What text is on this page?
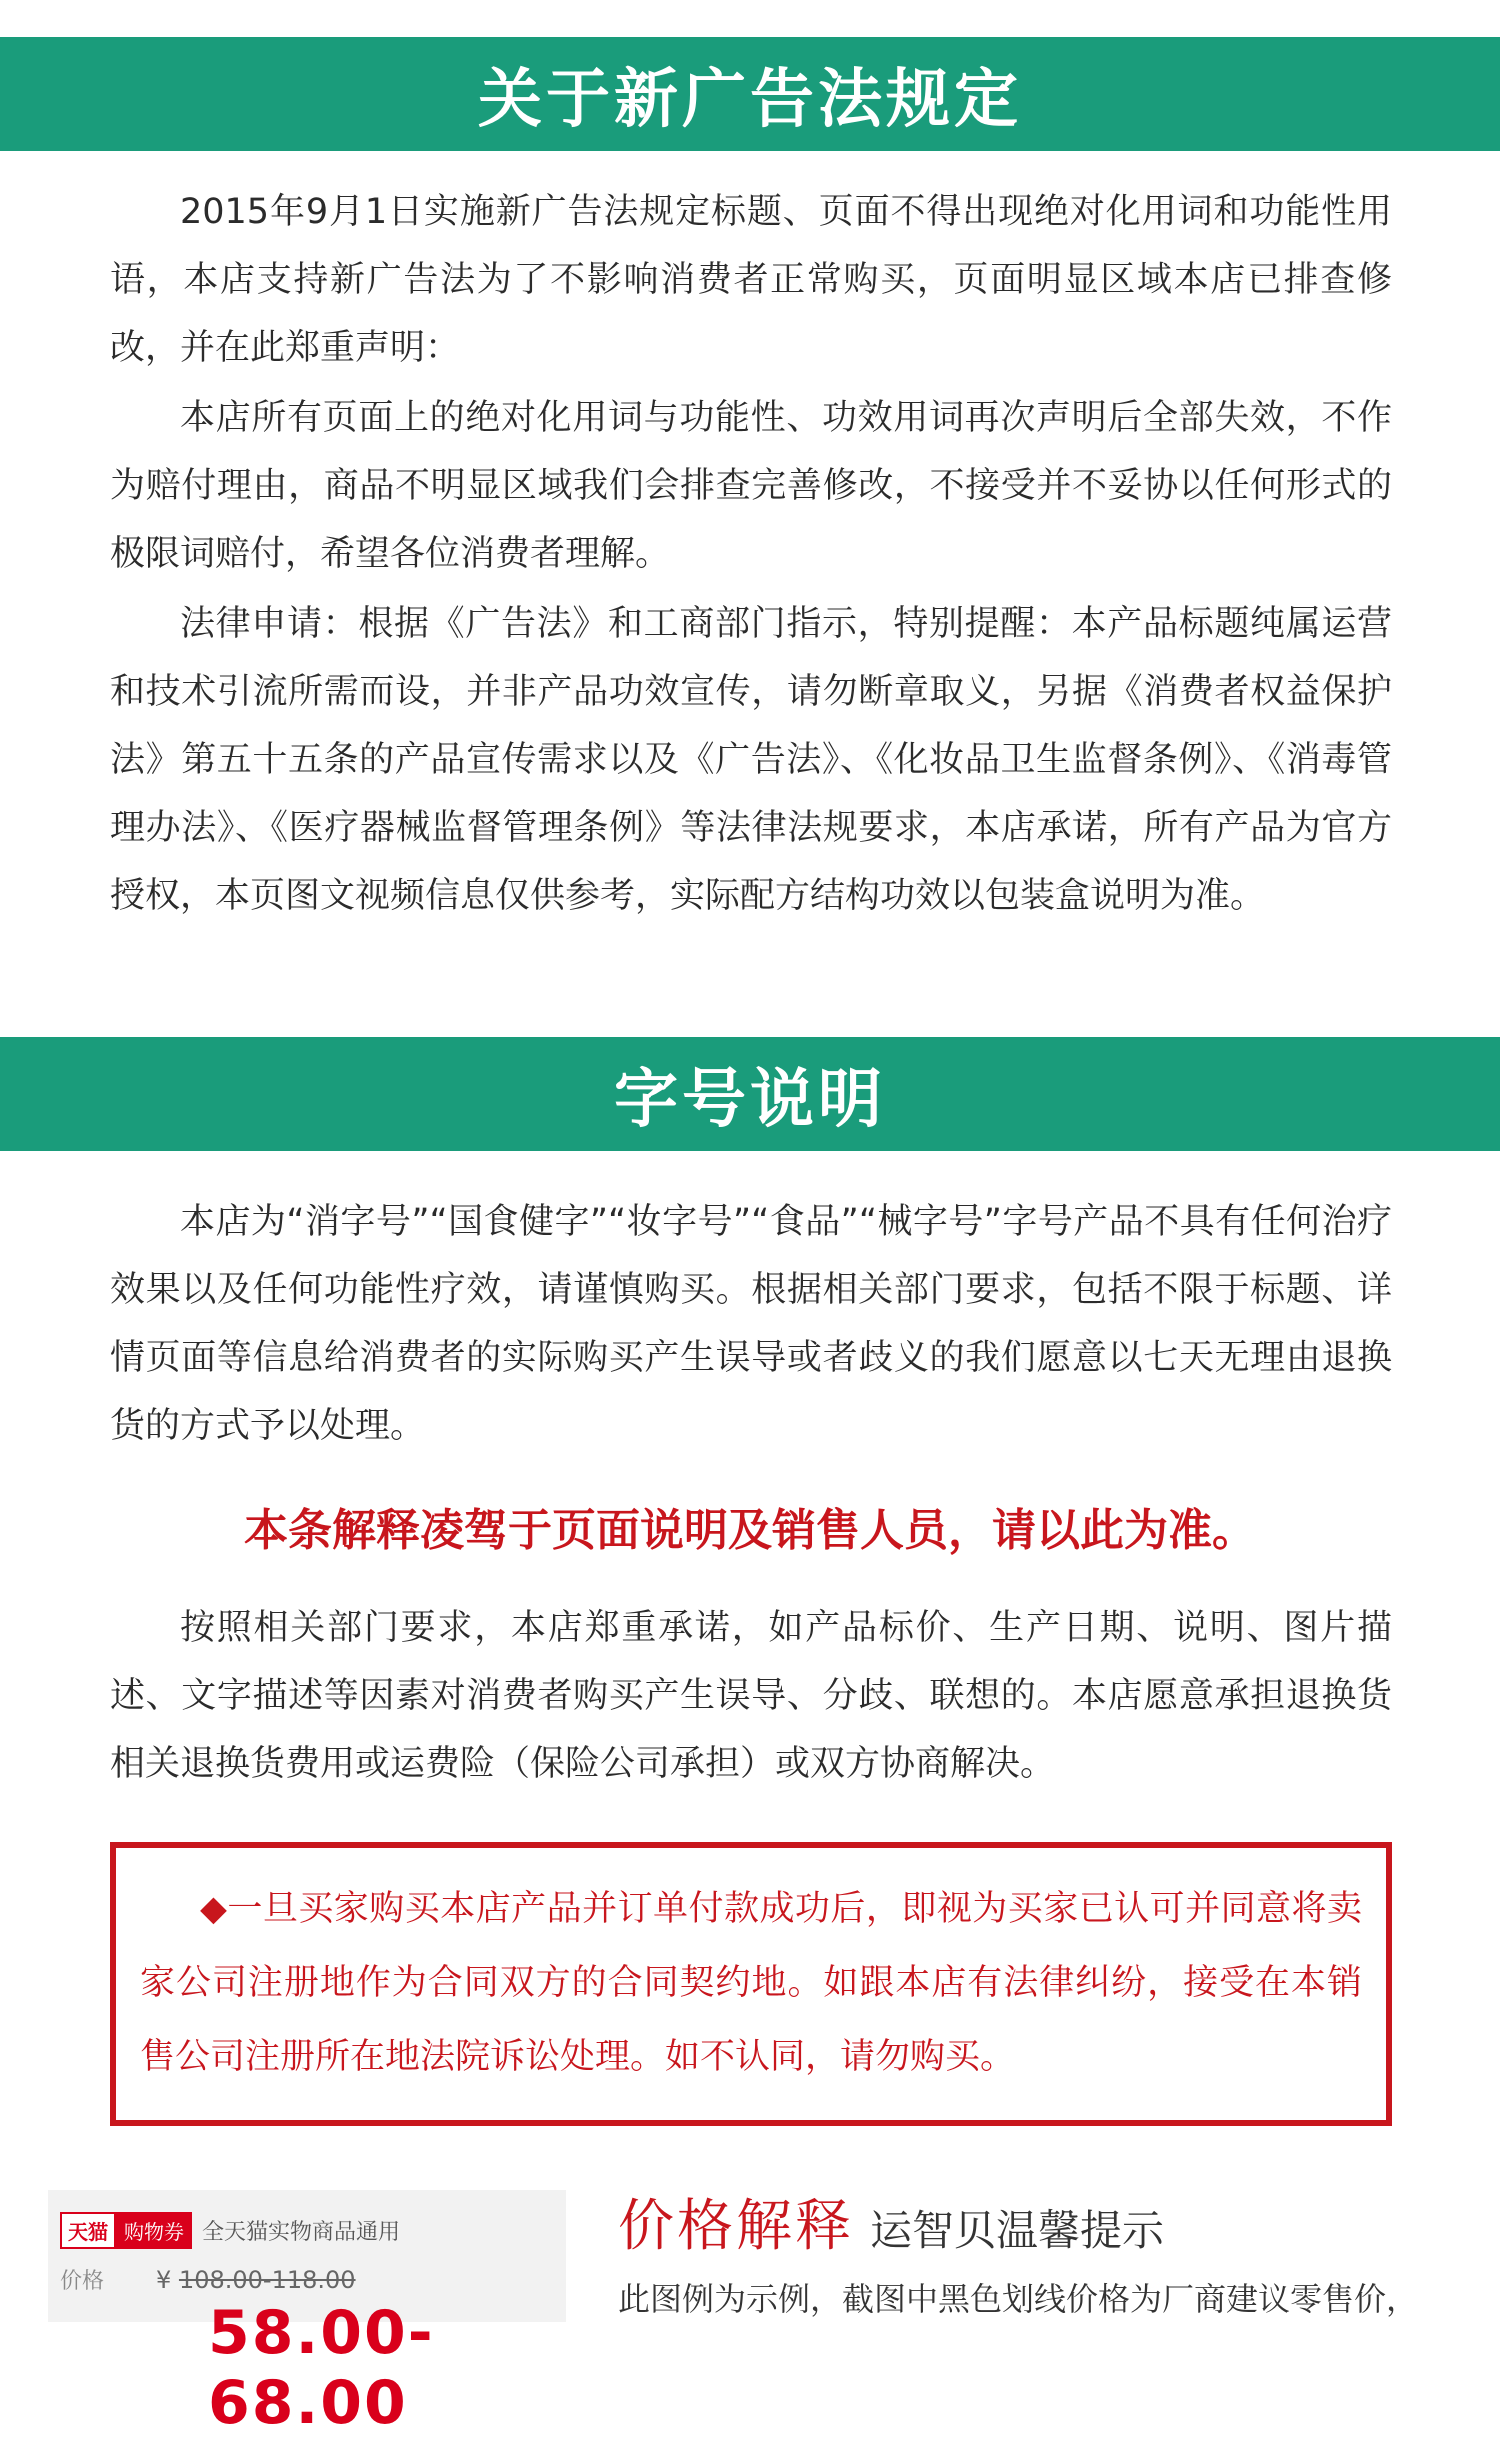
关于新广告法规定

2015年9月1日实施新广告法规定标题、页面不得出现绝对化用词和功能性用语，本店支持新广告法为了不影响消费者正常购买，页面明显区域本店已排查修改，并在此郑重声明：

本店所有页面上的绝对化用词与功能性、功效用词再次声明后全部失效，不作为赔付理由，商品不明显区域我们会排查完善修改，不接受并不妥协以任何形式的极限词赔付，希望各位消费者理解。

法律申请：根据《广告法》和工商部门指示，特别提醒：本产品标题纯属运营和技术引流所需而设，并非产品功效宣传，请勿断章取义，另据《消费者权益保护法》第五十五条的产品宣传需求以及《广告法》、《化妆品卫生监督条例》、《消毒管理办法》、《医疗器械监督管理条例》等法律法规要求，本店承诺，所有产品为官方授权，本页图文视频信息仅供参考，实际配方结构功效以包装盒说明为准。

字号说明

本店为“消字号”“国食健字”“妆字号”“食品”“械字号”字号产品不具有任何治疗效果以及任何功能性疗效，请谨慎购买。根据相关部门要求，包括不限于标题、详情页面等信息给消费者的实际购买产生误导或者歧义的我们愿意以七天无理由退换货的方式予以处理。

本条解释凌驾于页面说明及销售人员，请以此为准。

按照相关部门要求，本店郑重承诺，如产品标价、生产日期、说明、图片描述、文字描述等因素对消费者购买产生误导、分歧、联想的。本店愿意承担退换货相关退换货费用或运费险（保险公司承担）或双方协商解决。

◆一旦买家购买本店产品并订单付款成功后，即视为买家已认可并同意将卖家公司注册地作为合同双方的合同契约地。如跟本店有法律纠纷，接受在本销售公司注册所在地法院诉讼处理。如不认同，请勿购买。

天猫 购物券 全天猫实物商品通用
价格 ¥ 108.00-118.00
58.00-68.00
价格解释 运智贝温馨提示
此图例为示例，截图中黑色划线价格为厂商建议零售价，
